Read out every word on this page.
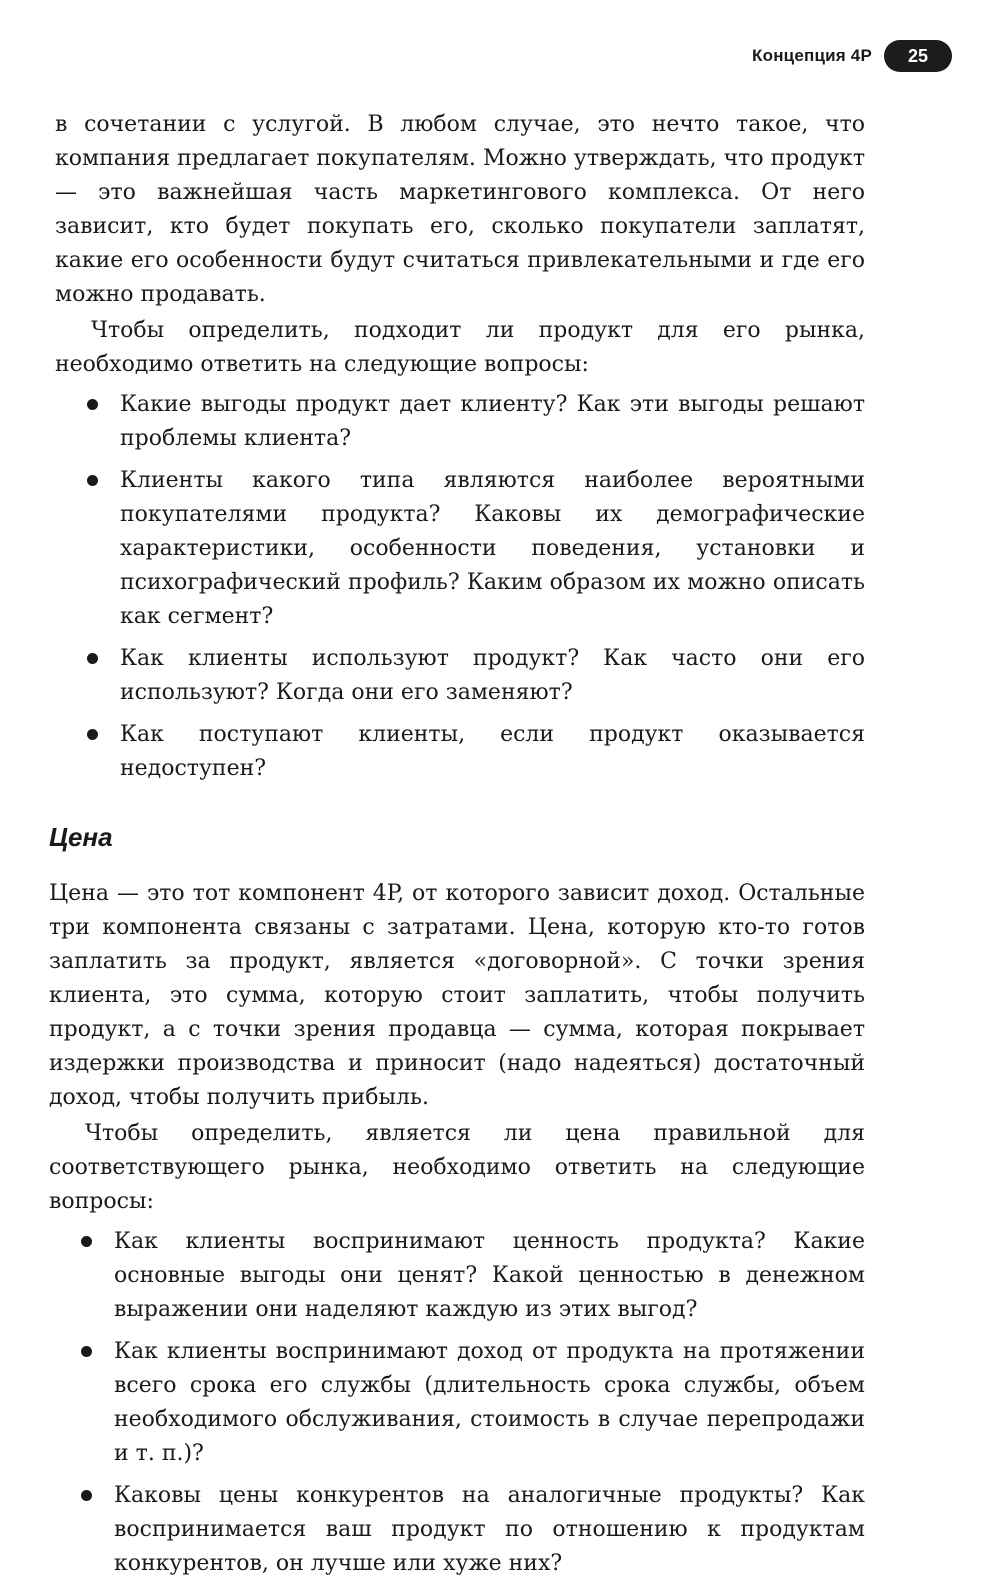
Концепция 4P	25

в сочетании с услугой. В любом случае, это нечто такое, что компания предлагает покупателям. Можно утверждать, что продукт — это важнейшая часть маркетингового комплекса. От него зависит, кто будет покупать его, сколько покупатели заплатят, какие его особенности будут считаться привлекательными и где его можно продавать.

Чтобы определить, подходит ли продукт для его рынка, необходимо ответить на следующие вопросы:

Какие выгоды продукт дает клиенту? Как эти выгоды решают проблемы клиента?
Клиенты какого типа являются наиболее вероятными покупателями продукта? Каковы их демографические характеристики, особенности поведения, установки и психографический профиль? Каким образом их можно описать как сегмент?
Как клиенты используют продукт? Как часто они его используют? Когда они его заменяют?
Как поступают клиенты, если продукт оказывается недоступен?
Цена

Цена — это тот компонент 4P, от которого зависит доход. Остальные три компонента связаны с затратами. Цена, которую кто-то готов заплатить за продукт, является «договорной». С точки зрения клиента, это сумма, которую стоит заплатить, чтобы получить продукт, а с точки зрения продавца — сумма, которая покрывает издержки производства и приносит (надо надеяться) достаточный доход, чтобы получить прибыль.

Чтобы определить, является ли цена правильной для соответствующего рынка, необходимо ответить на следующие вопросы:

Как клиенты воспринимают ценность продукта? Какие основные выгоды они ценят? Какой ценностью в денежном выражении они наделяют каждую из этих выгод?
Как клиенты воспринимают доход от продукта на протяжении всего срока его службы (длительность срока службы, объем необходимого обслуживания, стоимость в случае перепродажи и т. п.)?
Каковы цены конкурентов на аналогичные продукты? Как воспринимается ваш продукт по отношению к продуктам конкурентов, он лучше или хуже них?
